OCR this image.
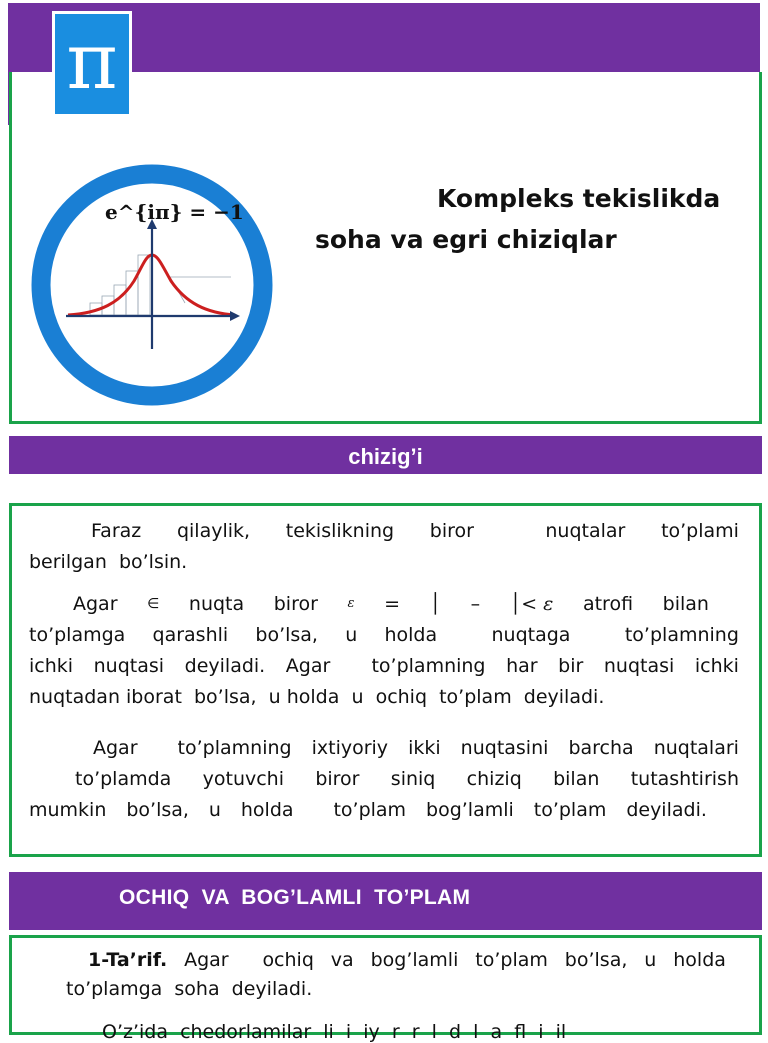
π
e^{iπ} = −1	Kompleks tekislikda
soha va egri chiziqlar
chizig’i
Faraz qilaylik, tekislikning biror	nuqtalar to’plami
berilgan  bo’lsin.
Agar ∈ nuqta biror ε = │ – │< ε atrofi bilan
to’plamga qarashli bo’lsa, u holda	nuqtaga	to’plamning
ichki nuqtasi deyiladi. Agar to’plamning har bir nuqtasi ichki
nuqtadan iborat  bo’lsa,  u holda  u  ochiq  to’plam  deyiladi.
Agar to’plamning ixtiyoriy ikki nuqtasini barcha nuqtalari
to’plamda yotuvchi biror siniq chiziq bilan tutashtirish
mumkin bo’lsa, u holda to’plam bog’lamli to’plam deyiladi.
OCHIQ  VA  BOG’LAMLI  TO’PLAM
1-Ta’rif. Agar ochiq va bog’lamli to’plam bo’lsa, u holda
to’plamga  soha  deyiladi.
O’z’ida  chedorlamilar  li  i  iy  r  r  l  d  l  a  fl  i  il
